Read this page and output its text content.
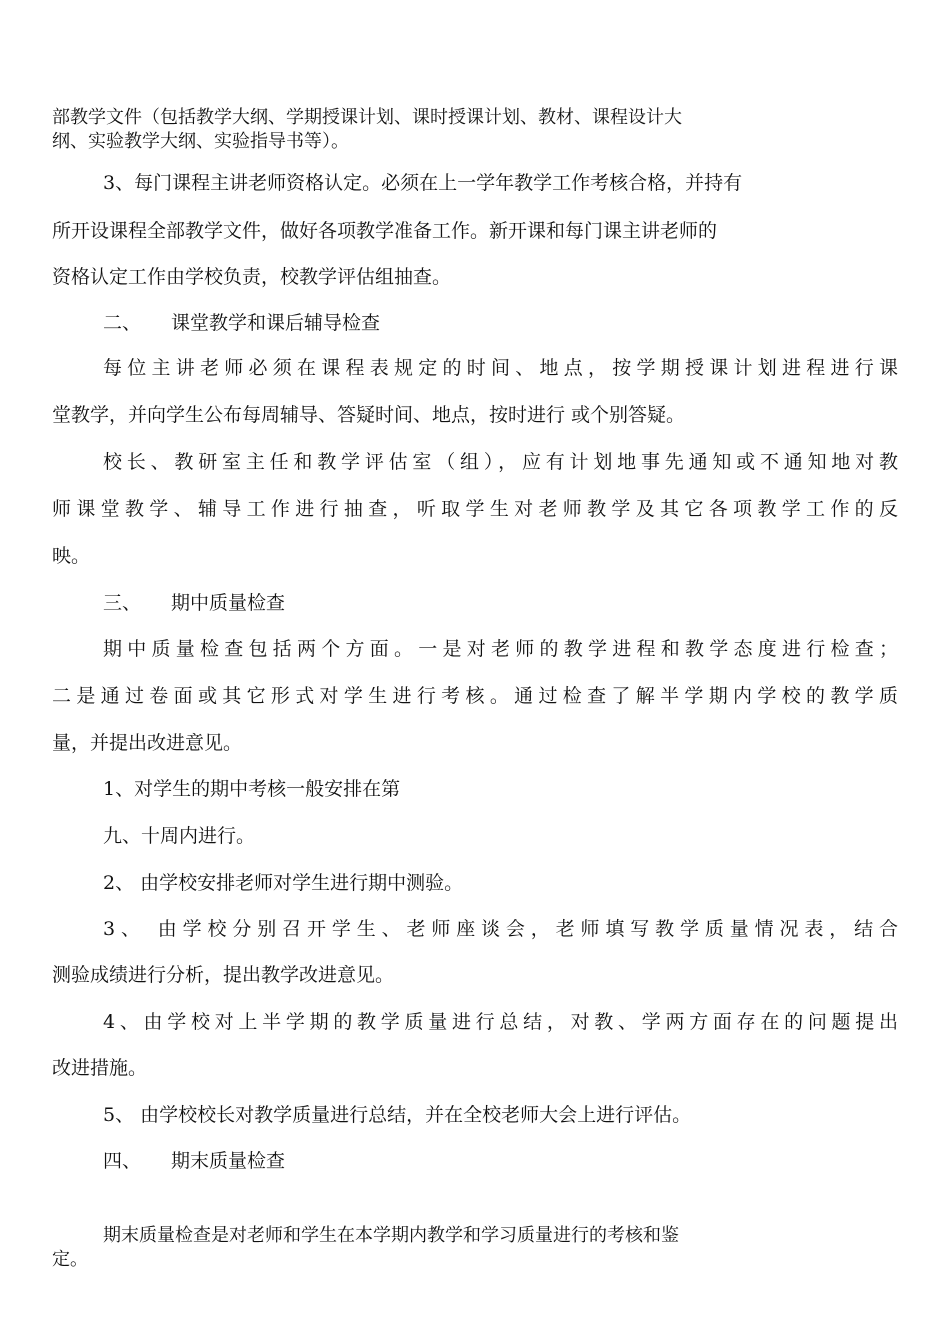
部教学文件（包括教学大纲、学期授课计划、课时授课计划、教材、课程设计大

纲、实验教学大纲、实验指导书等）。

3、每门课程主讲老师资格认定。必须在上一学年教学工作考核合格，并持有

所开设课程全部教学文件，做好各项教学准备工作。新开课和每门课主讲老师的

资格认定工作由学校负责，校教学评估组抽查。

二、 课堂教学和课后辅导检查

每位主讲老师必须在课程表规定的时间、地点，按学期授课计划进程进行课

堂教学，并向学生公布每周辅导、答疑时间、地点，按时进行 或个别答疑。

校长、教研室主任和教学评估室（组），应有计划地事先通知或不通知地对教

师课堂教学、辅导工作进行抽查，听取学生对老师教学及其它各项教学工作的反

映。

三、 期中质量检查

期中质量检查包括两个方面。一是对老师的教学进程和教学态度进行检查；

二是通过卷面或其它形式对学生进行考核。通过检查了解半学期内学校的教学质

量，并提出改进意见。

1、对学生的期中考核一般安排在第

九、十周内进行。

2、 由学校安排老师对学生进行期中测验。

3、 由学校分别召开学生、老师座谈会，老师填写教学质量情况表，结合

测验成绩进行分析，提出教学改进意见。

4、由学校对上半学期的教学质量进行总结，对教、学两方面存在的问题提出

改进措施。

5、 由学校校长对教学质量进行总结，并在全校老师大会上进行评估。

四、 期末质量检查

期末质量检查是对老师和学生在本学期内教学和学习质量进行的考核和鉴

定。
